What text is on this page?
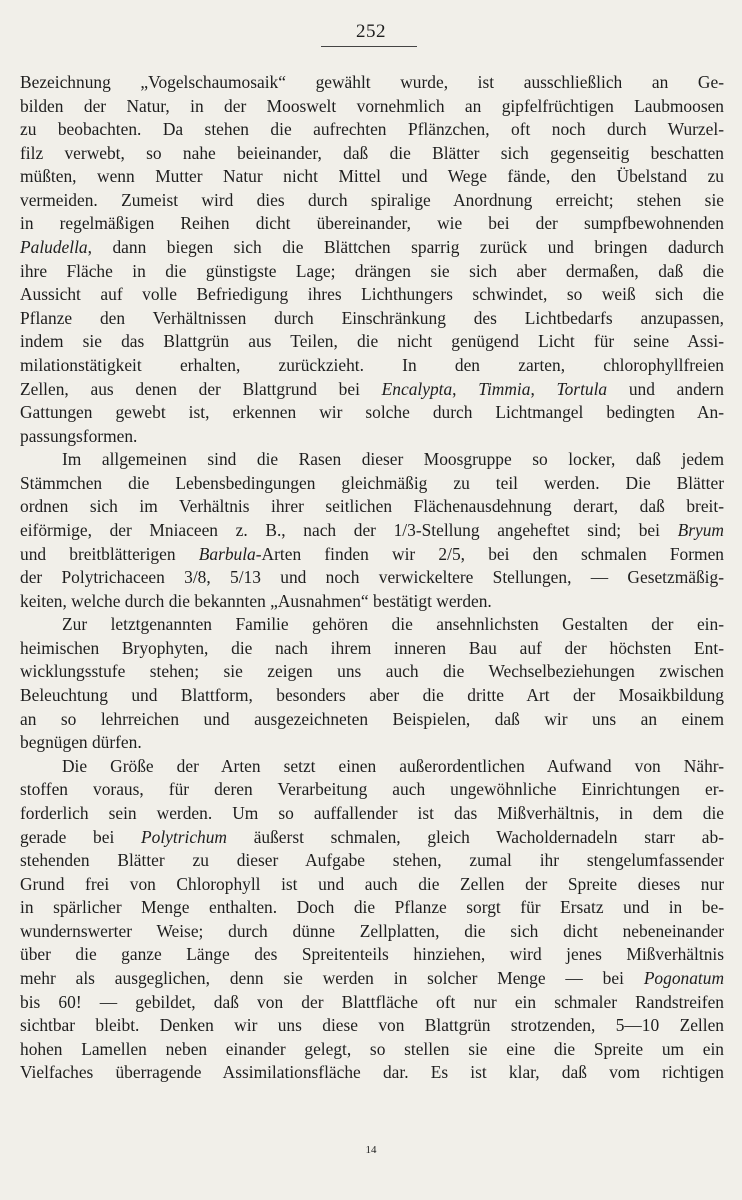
252
Bezeichnung „Vogelschaumosaik“ gewählt wurde, ist ausschließlich an Ge-
bilden der Natur, in der Mooswelt vornehmlich an gipfelfrüchtigen Laubmoosen
zu beobachten. Da stehen die aufrechten Pflänzchen, oft noch durch Wurzel-
filz verwebt, so nahe beieinander, daß die Blätter sich gegenseitig beschatten
müßten, wenn Mutter Natur nicht Mittel und Wege fände, den Übelstand zu
vermeiden. Zumeist wird dies durch spiralige Anordnung erreicht; stehen sie
in regelmäßigen Reihen dicht übereinander, wie bei der sumpfbewohnenden
Paludella, dann biegen sich die Blättchen sparrig zurück und bringen dadurch
ihre Fläche in die günstigste Lage; drängen sie sich aber dermaßen, daß die
Aussicht auf volle Befriedigung ihres Lichthungers schwindet, so weiß sich die
Pflanze den Verhältnissen durch Einschränkung des Lichtbedarfs anzupassen,
indem sie das Blattgrün aus Teilen, die nicht genügend Licht für seine Assi-
milationstätigkeit erhalten, zurückzieht. In den zarten, chlorophyllfreien
Zellen, aus denen der Blattgrund bei Encalypta, Timmia, Tortula und andern
Gattungen gewebt ist, erkennen wir solche durch Lichtmangel bedingten An-
passungsformen.
Im allgemeinen sind die Rasen dieser Moosgruppe so locker, daß jedem
Stämmchen die Lebensbedingungen gleichmäßig zu teil werden. Die Blätter
ordnen sich im Verhältnis ihrer seitlichen Flächenausdehnung derart, daß breit-
eiförmige, der Mniaceen z. B., nach der 1/3-Stellung angeheftet sind; bei Bryum
und breitblätterigen Barbula-Arten finden wir 2/5, bei den schmalen Formen
der Polytrichaceen 3/8, 5/13 und noch verwickeltere Stellungen, — Gesetzmäßig-
keiten, welche durch die bekannten „Ausnahmen“ bestätigt werden.
Zur letztgenannten Familie gehören die ansehnlichsten Gestalten der ein-
heimischen Bryophyten, die nach ihrem inneren Bau auf der höchsten Ent-
wicklungsstufe stehen; sie zeigen uns auch die Wechselbeziehungen zwischen
Beleuchtung und Blattform, besonders aber die dritte Art der Mosaikbildung
an so lehrreichen und ausgezeichneten Beispielen, daß wir uns an einem
begnügen dürfen.
Die Größe der Arten setzt einen außerordentlichen Aufwand von Nähr-
stoffen voraus, für deren Verarbeitung auch ungewöhnliche Einrichtungen er-
forderlich sein werden. Um so auffallender ist das Mißverhältnis, in dem die
gerade bei Polytrichum äußerst schmalen, gleich Wacholdernadeln starr ab-
stehenden Blätter zu dieser Aufgabe stehen, zumal ihr stengelumfassender
Grund frei von Chlorophyll ist und auch die Zellen der Spreite dieses nur
in spärlicher Menge enthalten. Doch die Pflanze sorgt für Ersatz und in be-
wundernswerter Weise; durch dünne Zellplatten, die sich dicht nebeneinander
über die ganze Länge des Spreitenteils hinziehen, wird jenes Mißverhältnis
mehr als ausgeglichen, denn sie werden in solcher Menge — bei Pogonatum
bis 60! — gebildet, daß von der Blattfläche oft nur ein schmaler Randstreifen
sichtbar bleibt. Denken wir uns diese von Blattgrün strotzenden, 5—10 Zellen
hohen Lamellen neben einander gelegt, so stellen sie eine die Spreite um ein
Vielfaches überragende Assimilationsfläche dar. Es ist klar, daß vom richtigen
14
